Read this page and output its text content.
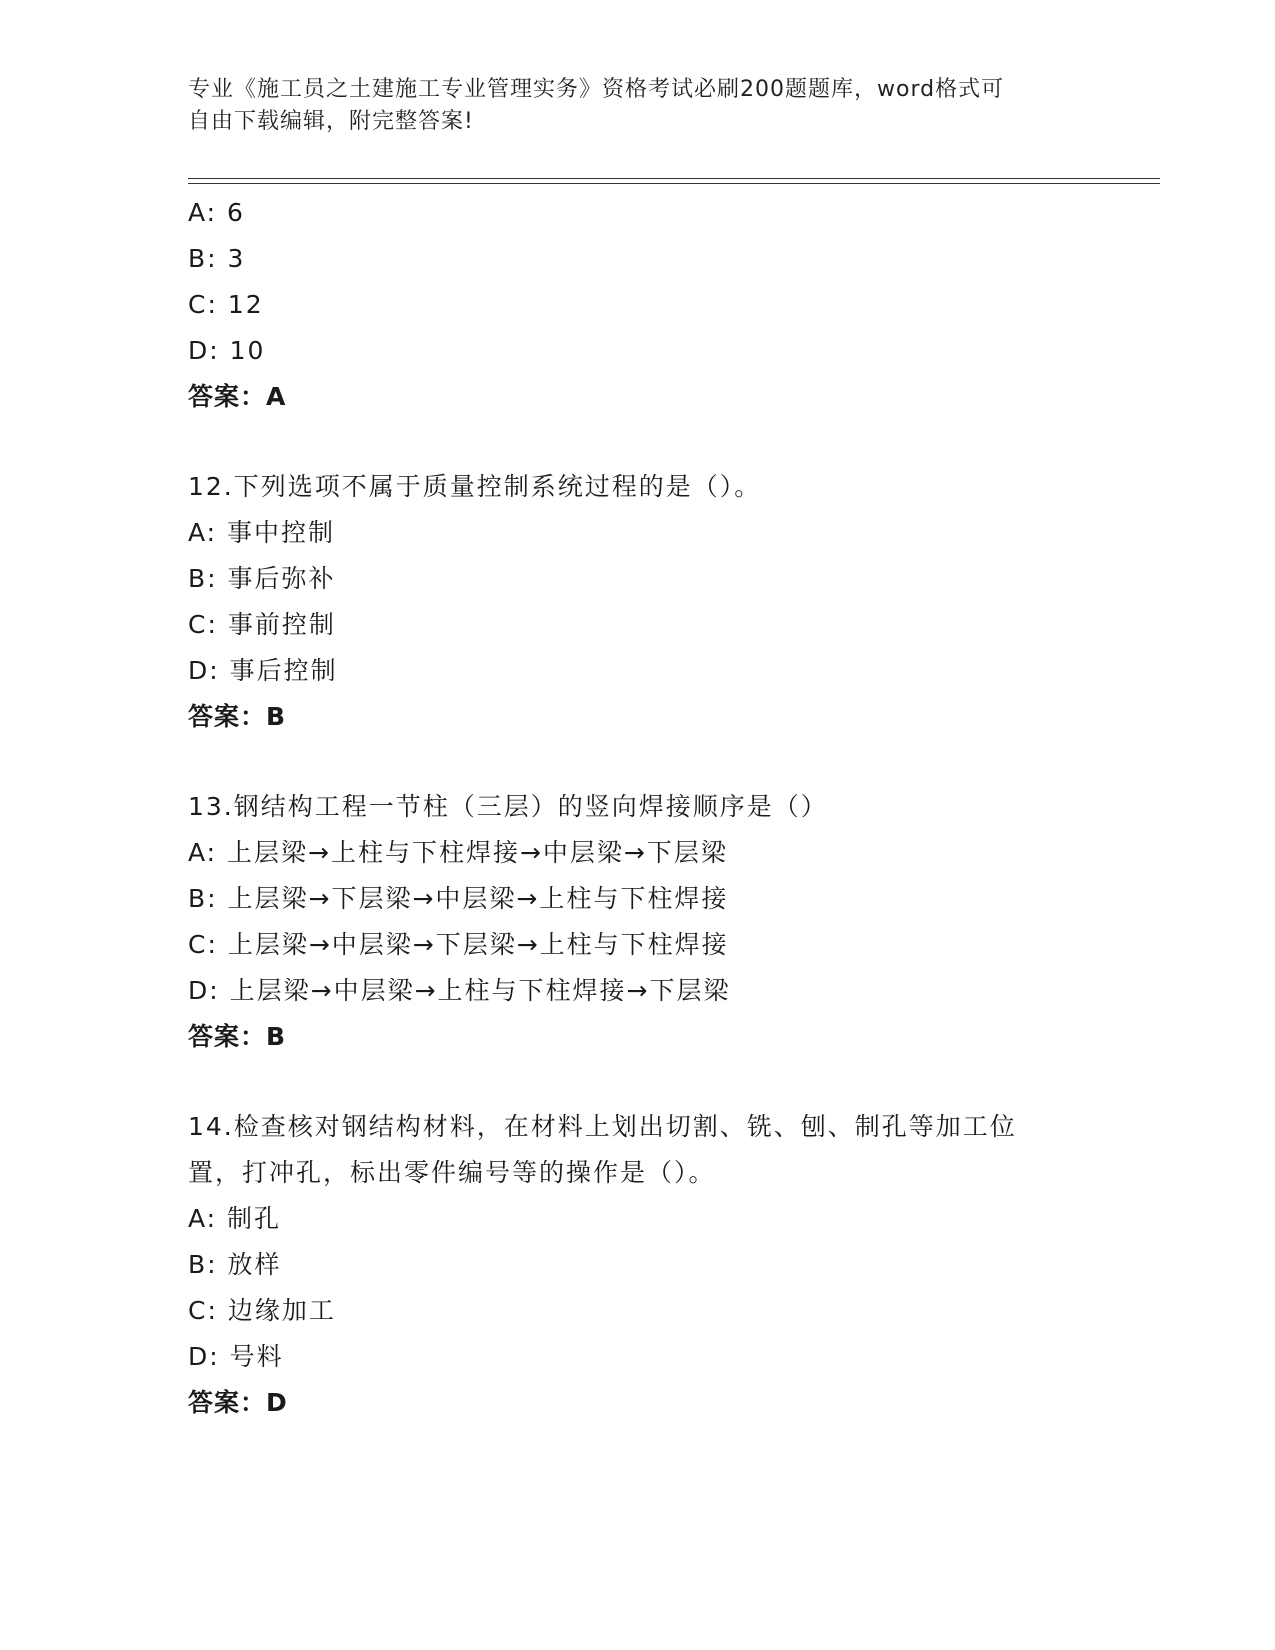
专业《施工员之土建施工专业管理实务》资格考试必刷200题题库，word格式可
自由下载编辑，附完整答案!
A: 6
B: 3
C: 12
D: 10
答案：A
12.下列选项不属于质量控制系统过程的是（）。
A: 事中控制
B: 事后弥补
C: 事前控制
D: 事后控制
答案：B
13.钢结构工程一节柱（三层）的竖向焊接顺序是（）
A: 上层梁→上柱与下柱焊接→中层梁→下层梁
B: 上层梁→下层梁→中层梁→上柱与下柱焊接
C: 上层梁→中层梁→下层梁→上柱与下柱焊接
D: 上层梁→中层梁→上柱与下柱焊接→下层梁
答案：B
14.检查核对钢结构材料，在材料上划出切割、铣、刨、制孔等加工位
置，打冲孔，标出零件编号等的操作是（）。
A: 制孔
B: 放样
C: 边缘加工
D: 号料
答案：D
